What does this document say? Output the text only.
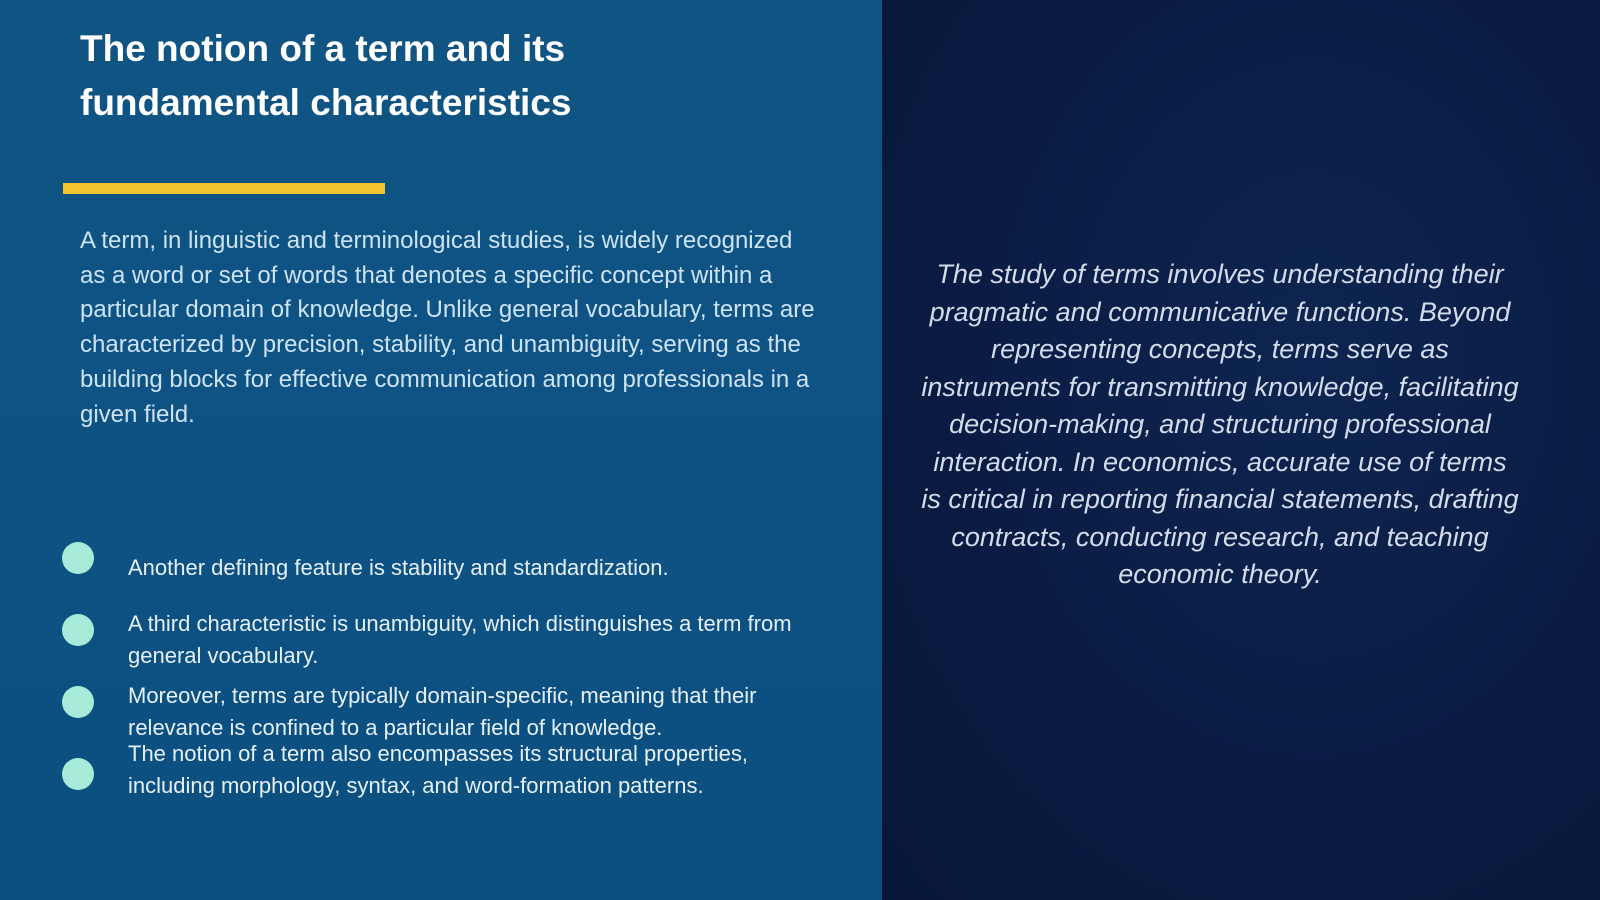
The notion of a term and its
fundamental characteristics

A term, in linguistic and terminological studies, is widely recognized as a word or set of words that denotes a specific concept within a particular domain of knowledge. Unlike general vocabulary, terms are characterized by precision, stability, and unambiguity, serving as the building blocks for effective communication among professionals in a given field.

Another defining feature is stability and standardization.
A third characteristic is unambiguity, which distinguishes a term from general vocabulary.
Moreover, terms are typically domain-specific, meaning that their relevance is confined to a particular field of knowledge.
The notion of a term also encompasses its structural properties, including morphology, syntax, and word-formation patterns.

The study of terms involves understanding their pragmatic and communicative functions. Beyond representing concepts, terms serve as instruments for transmitting knowledge, facilitating decision-making, and structuring professional interaction. In economics, accurate use of terms is critical in reporting financial statements, drafting contracts, conducting research, and teaching economic theory.
